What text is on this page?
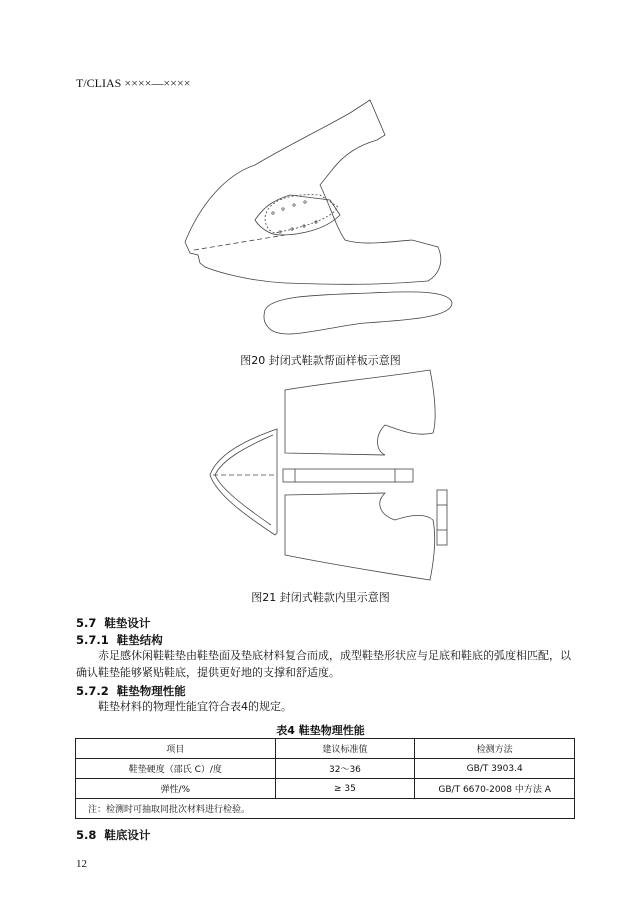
T/CLIAS ××××—××××
图20 封闭式鞋款帮面样板示意图
图21 封闭式鞋款内里示意图
5.7 鞋垫设计
5.7.1 鞋垫结构
赤足感休闲鞋鞋垫由鞋垫面及垫底材料复合而成，成型鞋垫形状应与足底和鞋底的弧度相匹配，以
确认鞋垫能够紧贴鞋底，提供更好地的支撑和舒适度。
5.7.2 鞋垫物理性能
鞋垫材料的物理性能宜符合表4的规定。
表4 鞋垫物理性能
项目	建议标准值	检测方法
鞋垫硬度（邵氏 C）/度	32～36	GB/T 3903.4
弹性/%	≥ 35	GB/T 6670-2008 中方法 A
注：检测时可抽取同批次材料进行检验。		
5.8 鞋底设计
12
